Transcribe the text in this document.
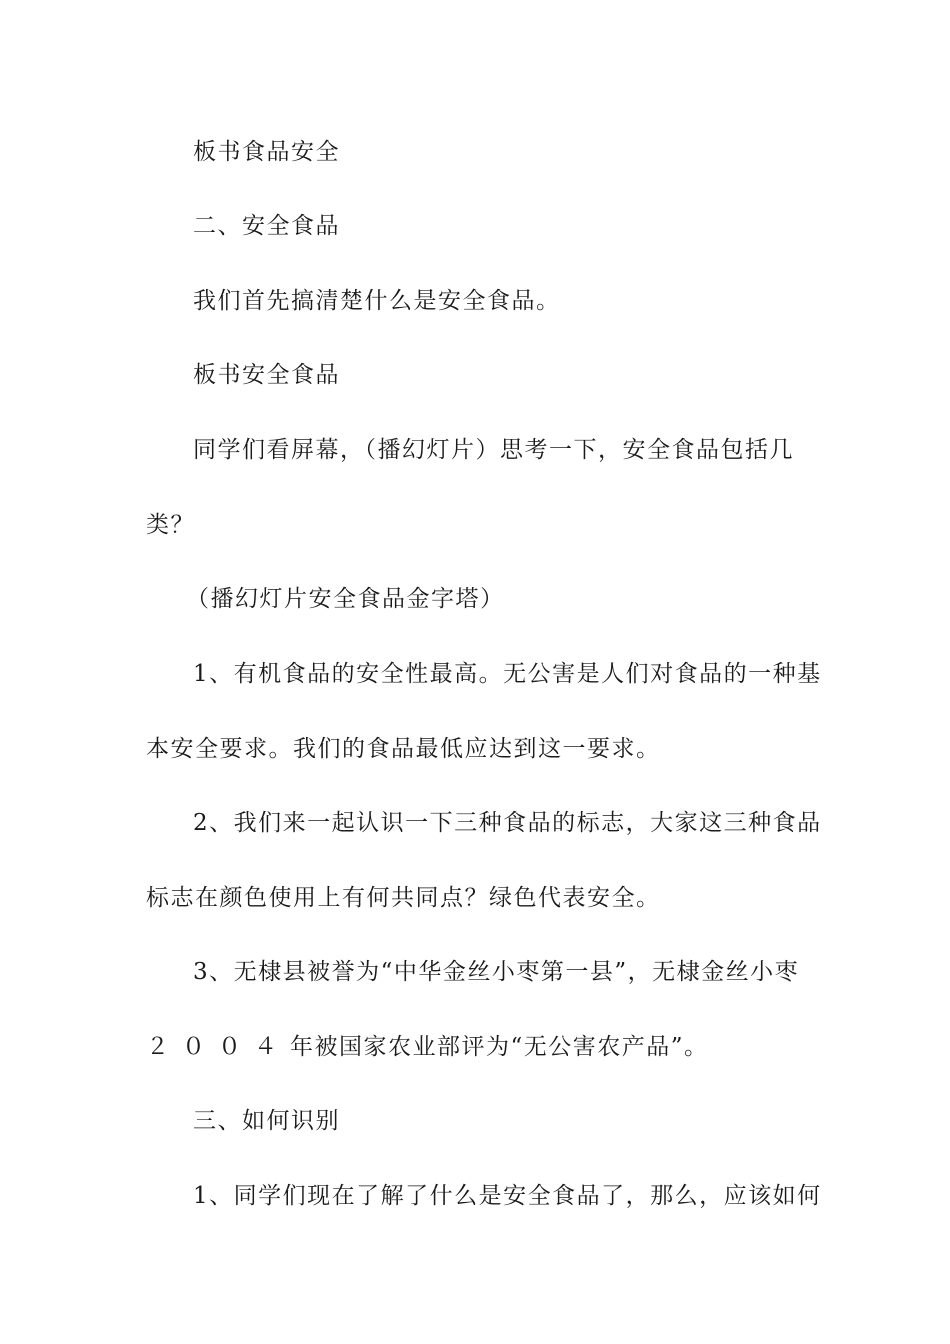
板书食品安全
二、安全食品
我们首先搞清楚什么是安全食品。
板书安全食品
同学们看屏幕，（播幻灯片）思考一下，安全食品包括几
类？
（播幻灯片安全食品金字塔）
1、有机食品的安全性最高。无公害是人们对食品的一种基
本安全要求。我们的食品最低应达到这一要求。
2、我们来一起认识一下三种食品的标志，大家这三种食品
标志在颜色使用上有何共同点？绿色代表安全。
3、无棣县被誉为“中华金丝小枣第一县”，无棣金丝小枣
２００４年被国家农业部评为“无公害农产品”。
三、如何识别
1、同学们现在了解了什么是安全食品了，那么，应该如何
